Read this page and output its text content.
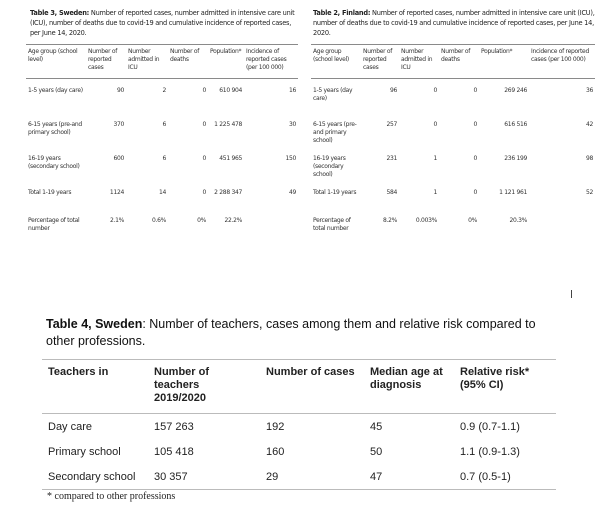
Table 3, Sweden: Number of reported cases, number admitted in intensive care unit (ICU), number of deaths due to covid-19 and cumulative incidence of reported cases, per June 14, 2020.

Age group (school level)	Number of reported cases	Number admitted in ICU	Number of deaths	Population*	Incidence of reported cases (per 100 000)
1-5 years (day care)	90	2	0	610 904	16
6-15 years (pre-and primary school)	370	6	0	1 225 478	30
16-19 years (secondary school)	600	6	0	451 965	150
Total 1-19 years	1124	14	0	2 288 347	49
Percentage of total number	2.1%	0.6%	0%	22.2%	

Table 2, Finland: Number of reported cases, number admitted in intensive care unit (ICU), number of deaths due to covid-19 and cumulative incidence of reported cases, per June 14, 2020.

Age group (school level)	Number of reported cases	Number admitted in ICU	Number of deaths	Population*	Incidence of reported cases (per 100 000)
1-5 years (day care)	96	0	0	269 246	36
6-15 years (pre-and primary school)	257	0	0	616 516	42
16-19 years (secondary school)	231	1	0	236 199	98
Total 1-19 years	584	1	0	1 121 961	52
Percentage of total number	8.2%	0.003%	0%	20.3%	

Table 4, Sweden: Number of teachers, cases among them and relative risk compared to other professions.

Teachers in	Number of teachers 2019/2020	Number of cases	Median age at diagnosis	Relative risk* (95% CI)
Day care	157 263	192	45	0.9 (0.7-1.1)
Primary school	105 418	160	50	1.1 (0.9-1.3)
Secondary school	30 357	29	47	0.7 (0.5-1)
* compared to other professions
